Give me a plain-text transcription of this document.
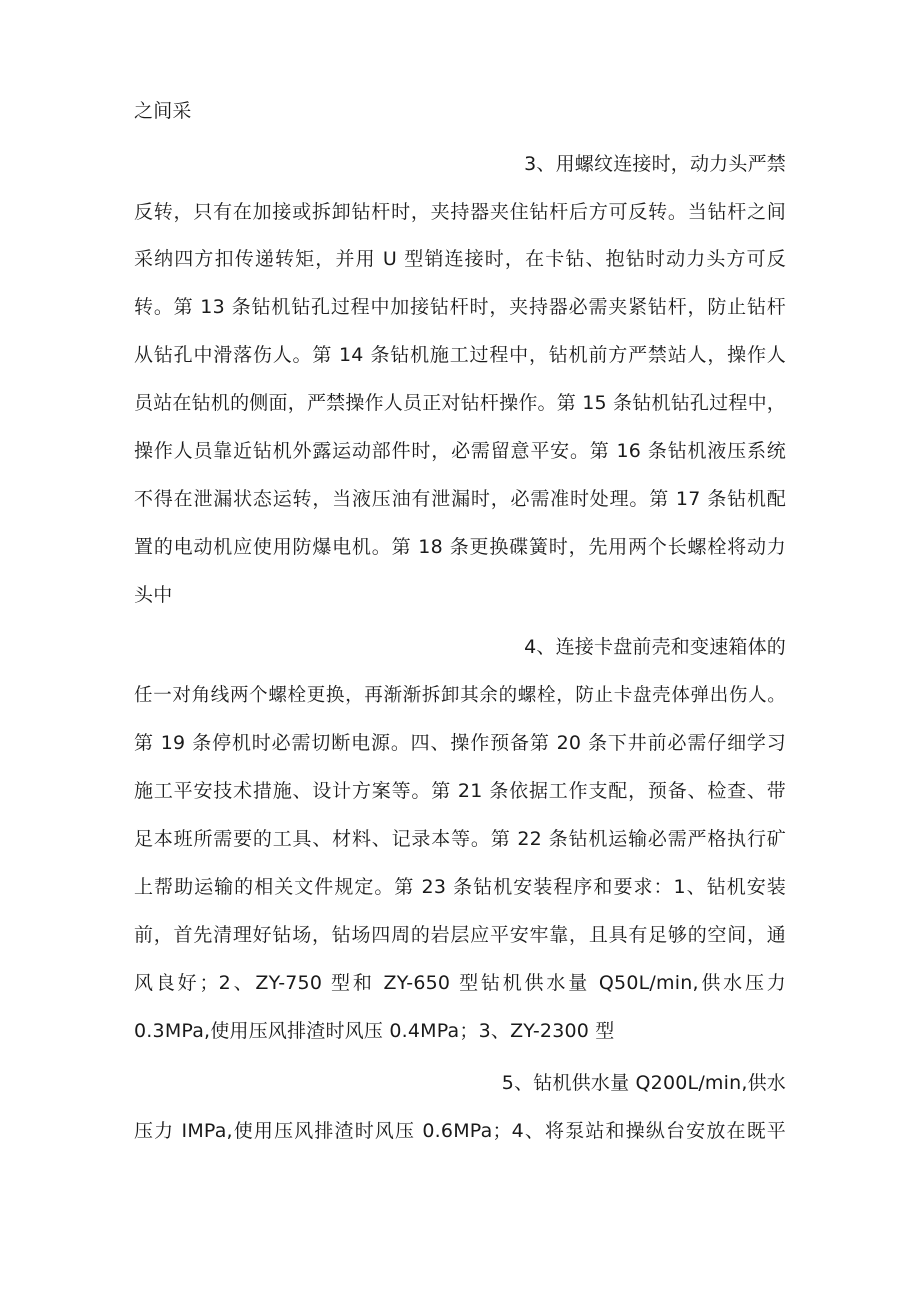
之间采
3、用螺纹连接时，动力头严禁
反转，只有在加接或拆卸钻杆时，夹持器夹住钻杆后方可反转。当钻杆之间
采纳四方扣传递转矩，并用 U 型销连接时，在卡钻、抱钻时动力头方可反
转。第 13 条钻机钻孔过程中加接钻杆时，夹持器必需夹紧钻杆，防止钻杆
从钻孔中滑落伤人。第 14 条钻机施工过程中，钻机前方严禁站人，操作人
员站在钻机的侧面，严禁操作人员正对钻杆操作。第 15 条钻机钻孔过程中，
操作人员靠近钻机外露运动部件时，必需留意平安。第 16 条钻机液压系统
不得在泄漏状态运转，当液压油有泄漏时，必需准时处理。第 17 条钻机配
置的电动机应使用防爆电机。第 18 条更换碟簧时，先用两个长螺栓将动力
头中
4、连接卡盘前壳和变速箱体的
任一对角线两个螺栓更换，再渐渐拆卸其余的螺栓，防止卡盘壳体弹出伤人。
第 19 条停机时必需切断电源。四、操作预备第 20 条下井前必需仔细学习
施工平安技术措施、设计方案等。第 21 条依据工作支配，预备、检查、带
足本班所需要的工具、材料、记录本等。第 22 条钻机运输必需严格执行矿
上帮助运输的相关文件规定。第 23 条钻机安装程序和要求：1、钻机安装
前，首先清理好钻场，钻场四周的岩层应平安牢靠，且具有足够的空间，通
风良好；2、ZY-750 型和 ZY-650 型钻机供水量 Q50L/min,供水压力
0.3MPa,使用压风排渣时风压 0.4MPa；3、ZY-2300 型
5、钻机供水量 Q200L/min,供水
压力 IMPa,使用压风排渣时风压 0.6MPa；4、将泵站和操纵台安放在既平
